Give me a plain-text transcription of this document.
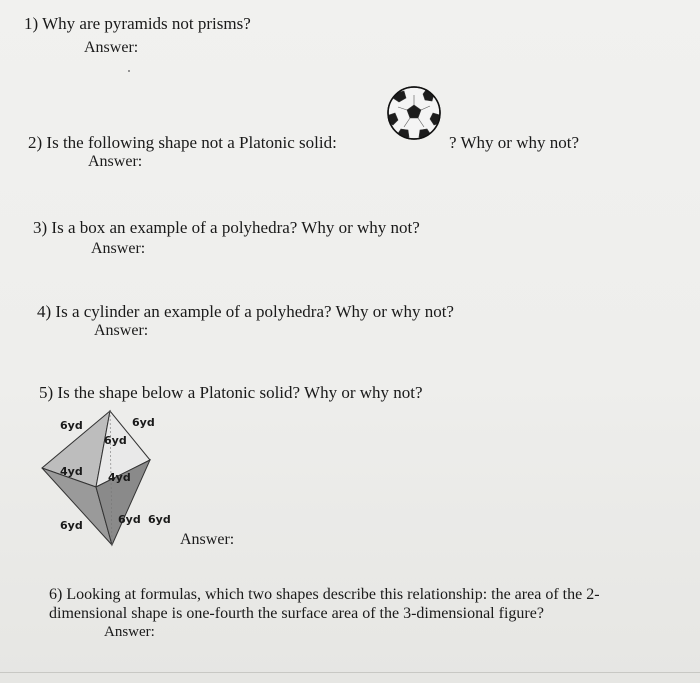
1) Why are pyramids not prisms?
Answer:
2) Is the following shape not a Platonic solid:	? Why or why not?
Answer:
3) Is a box an example of a polyhedra? Why or why not?
Answer:
4) Is a cylinder an example of a polyhedra? Why or why not?
Answer:
5) Is the shape below a Platonic solid? Why or why not?
6yd	6yd
6yd
4yd 4yd
6yd	6yd 6yd
Answer:
6) Looking at formulas, which two shapes describe this relationship: the area of the 2-
dimensional shape is one-fourth the surface area of the 3-dimensional figure?
Answer:
